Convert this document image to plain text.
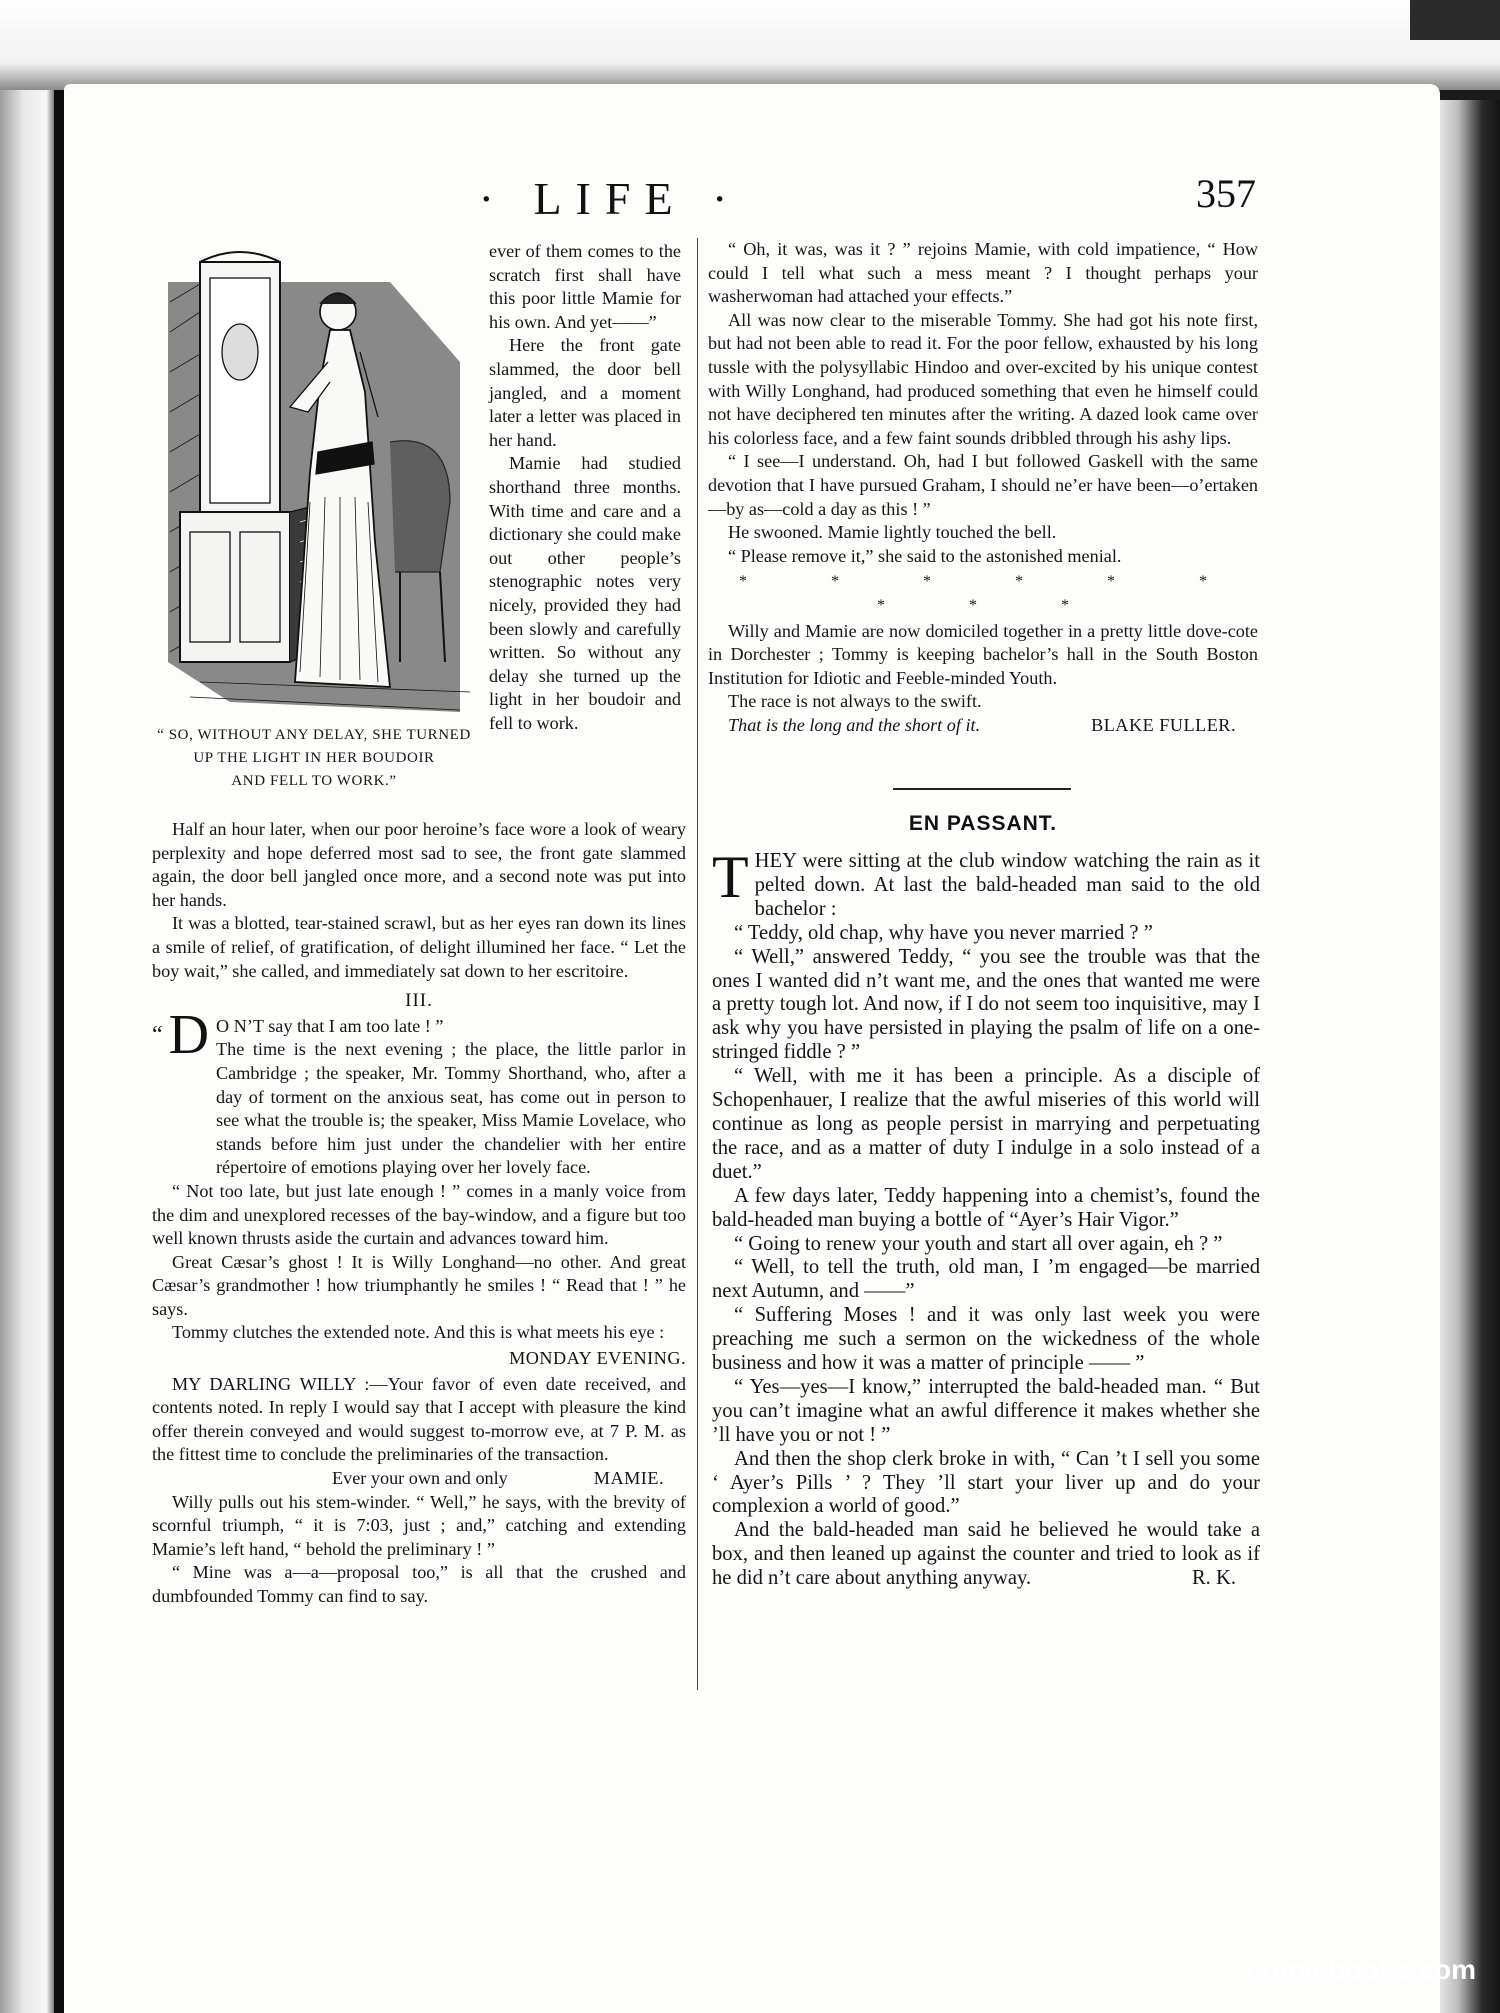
· LIFE ·	357
“ SO, WITHOUT ANY DELAY, SHE TURNED
UP THE LIGHT IN HER BOUDOIR
AND FELL TO WORK.”

ever of them comes to the scratch first shall have this poor little Mamie for his own. And yet——”

Here the front gate slammed, the door bell jangled, and a moment later a letter was placed in her hand.

Mamie had studied shorthand three months. With time and care and a dictionary she could make out other people’s stenographic notes very nicely, provided they had been slowly and carefully written. So without any delay she turned up the light in her boudoir and fell to work.

Half an hour later, when our poor heroine’s face wore a look of weary perplexity and hope deferred most sad to see, the front gate slammed again, the door bell jangled once more, and a second note was put into her hands.

It was a blotted, tear-stained scrawl, but as her eyes ran down its lines a smile of relief, of gratification, of delight illumined her face. “ Let the boy wait,” she called, and immediately sat down to her escritoire.

III.
“ D O N’T say that I am too late ! ”
The time is the next evening ; the place, the little parlor in Cambridge ; the speaker, Mr. Tommy Shorthand, who, after a day of torment on the anxious seat, has come out in person to see what the trouble is; the speaker, Miss Mamie Lovelace, who stands before him just under the chandelier with her entire répertoire of emotions playing over her lovely face.

“ Not too late, but just late enough ! ” comes in a manly voice from the dim and unexplored recesses of the bay-window, and a figure but too well known thrusts aside the curtain and advances toward him.

Great Cæsar’s ghost ! It is Willy Longhand—no other. And great Cæsar’s grandmother ! how triumphantly he smiles ! “ Read that ! ” he says.

Tommy clutches the extended note. And this is what meets his eye :

MONDAY EVENING.

MY DARLING WILLY :—Your favor of even date received, and contents noted. In reply I would say that I accept with pleasure the kind offer therein conveyed and would suggest to-morrow eve, at 7 P. M. as the fittest time to conclude the preliminaries of the transaction.

Ever your own and only	MAMIE.

Willy pulls out his stem-winder. “ Well,” he says, with the brevity of scornful triumph, “ it is 7:03, just ; and,” catching and extending Mamie’s left hand, “ behold the preliminary ! ”

“ Mine was a—a—proposal too,” is all that the crushed and dumbfounded Tommy can find to say.

“ Oh, it was, was it ? ” rejoins Mamie, with cold impatience, “ How could I tell what such a mess meant ? I thought perhaps your washerwoman had attached your effects.”

All was now clear to the miserable Tommy. She had got his note first, but had not been able to read it. For the poor fellow, exhausted by his long tussle with the polysyllabic Hindoo and over-excited by his unique contest with Willy Longhand, had produced something that even he himself could not have deciphered ten minutes after the writing. A dazed look came over his colorless face, and a few faint sounds dribbled through his ashy lips.

“ I see—I understand. Oh, had I but followed Gaskell with the same devotion that I have pursued Graham, I should ne’er have been—o’ertaken—by as—cold a day as this ! ”

He swooned. Mamie lightly touched the bell.

“ Please remove it,” she said to the astonished menial.

* * * * * * * * *

Willy and Mamie are now domiciled together in a pretty little dove-cote in Dorchester ; Tommy is keeping bachelor’s hall in the South Boston Institution for Idiotic and Feeble-minded Youth.

The race is not always to the swift.

That is the long and the short of it.	BLAKE FULLER.
EN PASSANT.

THEY were sitting at the club window watching the rain as it pelted down. At last the bald-headed man said to the old bachelor :

“ Teddy, old chap, why have you never married ? ”

“ Well,” answered Teddy, “ you see the trouble was that the ones I wanted did n’t want me, and the ones that wanted me were a pretty tough lot. And now, if I do not seem too inquisitive, may I ask why you have persisted in playing the psalm of life on a one-stringed fiddle ? ”

“ Well, with me it has been a principle. As a disciple of Schopenhauer, I realize that the awful miseries of this world will continue as long as people persist in marrying and perpetuating the race, and as a matter of duty I indulge in a solo instead of a duet.”

A few days later, Teddy happening into a chemist’s, found the bald-headed man buying a bottle of “Ayer’s Hair Vigor.”

“ Going to renew your youth and start all over again, eh ? ”

“ Well, to tell the truth, old man, I ’m engaged—be married next Autumn, and ——”

“ Suffering Moses ! and it was only last week you were preaching me such a sermon on the wickedness of the whole business and how it was a matter of principle —— ”

“ Yes—yes—I know,” interrupted the bald-headed man. “ But you can’t imagine what an awful difference it makes whether she ’ll have you or not ! ”

And then the shop clerk broke in with, “ Can ’t I sell you some ‘ Ayer’s Pills ’ ? They ’ll start your liver up and do your complexion a world of good.”

And the bald-headed man said he believed he would take a box, and then leaned up against the counter and tried to look as if he did n’t care about anything anyway.	R. K.
comicbooks.com
